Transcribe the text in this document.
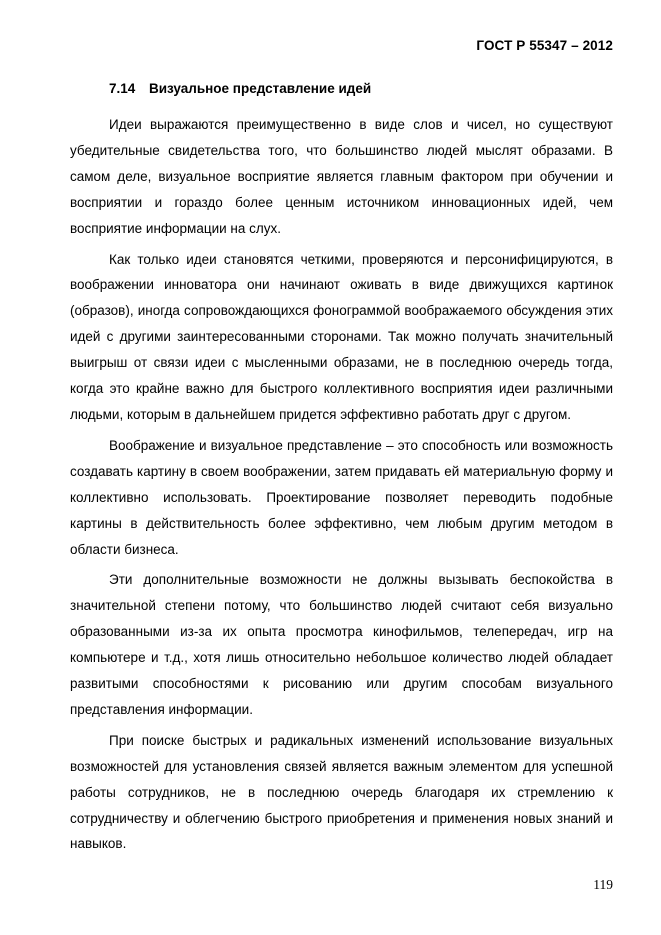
ГОСТ Р 55347 – 2012
7.14 Визуальное представление идей

Идеи выражаются преимущественно в виде слов и чисел, но существуют убедительные свидетельства того, что большинство людей мыслят образами. В самом деле, визуальное восприятие является главным фактором при обучении и восприятии и гораздо более ценным источником инновационных идей, чем восприятие информации на слух.

Как только идеи становятся четкими, проверяются и персонифицируются, в воображении инноватора они начинают оживать в виде движущихся картинок (образов), иногда сопровождающихся фонограммой воображаемого обсуждения этих идей с другими заинтересованными сторонами. Так можно получать значительный выигрыш от связи идеи с мысленными образами, не в последнюю очередь тогда, когда это крайне важно для быстрого коллективного восприятия идеи различными людьми, которым в дальнейшем придется эффективно работать друг с другом.

Воображение и визуальное представление – это способность или возможность создавать картину в своем воображении, затем придавать ей материальную форму и коллективно использовать. Проектирование позволяет переводить подобные картины в действительность более эффективно, чем любым другим методом в области бизнеса.

Эти дополнительные возможности не должны вызывать беспокойства в значительной степени потому, что большинство людей считают себя визуально образованными из-за их опыта просмотра кинофильмов, телепередач, игр на компьютере и т.д., хотя лишь относительно небольшое количество людей обладает развитыми способностями к рисованию или другим способам визуального представления информации.

При поиске быстрых и радикальных изменений использование визуальных возможностей для установления связей является важным элементом для успешной работы сотрудников, не в последнюю очередь благодаря их стремлению к сотрудничеству и облегчению быстрого приобретения и применения новых знаний и навыков.

119
